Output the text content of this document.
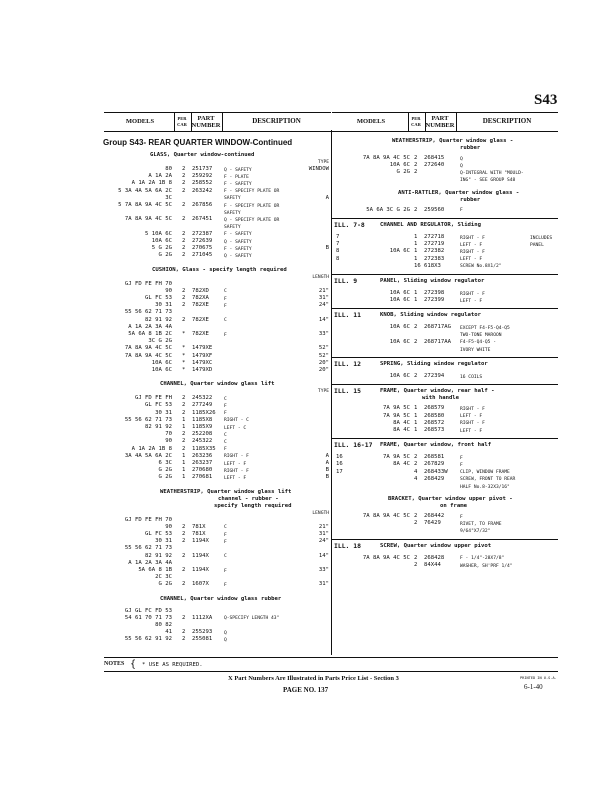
S43
MODELS	PER
CAR
PART
NUMBER
DESCRIPTION	MODELS	PER
CAR
PART
NUMBER
DESCRIPTION
Group S43- REAR QUARTER WINDOW-Continued
GLASS, Quarter window-continued
TYPE
80 2 251737	Q - SAFETY	WINDOW
A 1A 2A 2 259292	F - PLATE
A 1A 2A 1B 8 2 258552	F - SAFETY
5 3A 4A 5A 6A 2C 2 263242	F - SPECIFY PLATE OR
3C	SAFETY	A
5 7A 8A 9A 4C 5C 2 267856	F - SPECIFY PLATE OR
SAFETY
7A 8A 9A 4C 5C 2 267451	Q - SPECIFY PLATE OR
SAFETY
5 10A 6C 2 272387	F - SAFETY
10A 6C 2 272639	Q - SAFETY
5 G 2G 2 270675	F - SAFETY	B
G 2G 2 271045	Q - SAFETY
CUSHION, Glass - specify length required
LENGTH
GJ FD FE FH 70
90 2 782XD	C	21"
GL FC 53 2 782XA	F	31"
30 31 2 782XE	F	24"
55 56 62 71 73
82 91 92 2 782XE	C	14"
A 1A 2A 3A 4A
5A 6A 8 1B 2C * 782XE	F	33"
3C G 2G
7A 8A 9A 4C 5C * 1479XE	52"
7A 8A 9A 4C 5C * 1479XF	52"
10A 6C * 1479XC	20"
10A 6C * 1479XD	20"
CHANNEL, Quarter window glass lift
TYPE
GJ FD FE FH 2 245322	C
GL FC 53 2 277249	F
30 31 2 1185X26 F
55 56 62 71 73 1 1185X8	RIGHT - C
82 91 92 1 1185X9	LEFT - C
70 2 252208	C
90 2 245322	C
A 1A 2A 1B 8 2 1185X35 F
3A 4A 5A 6A 2C 1 263236	RIGHT - F	A
6 3C 1 263237	LEFT - F	A
G 2G 1 270680	RIGHT - F	B
G 2G 1 270681	LEFT - F	B
WEATHERSTRIP, Quarter window glass lift
channel - rubber -
specify length required
LENGTH
GJ FD FE FH 70
90 2 781X	C	21"
GL FC 53 2 781X	F	31"
30 31 2 1194X	F	24"
55 56 62 71 73
82 91 92 2 1194X	C	14"
A 1A 2A 3A 4A
5A 6A 8 1B 2 1194X	F	33"
2C 3C
G 2G 2 1607X	F	31"
CHANNEL, Quarter window glass rubber
GJ GL FC FD 53
54 61 70 71 73 2 1112XA	Q-SPECIFY LENGTH 43"
80 82
41 2 255293	Q
55 56 62 91 92 2 255081	Q
WEATHERSTRIP, Quarter window glass -
rubber
7A 8A 9A 4C 5C 2 268415	Q
10A 6C 2 272640	Q
G 2G 2	Q-INTEGRAL WITH "MOULD-
ING" - SEE GROUP S48
ANTI-RATTLER, Quarter window glass -
rubber
5A 6A 3C G 2G 2 259560	F
ILL. 7-8	CHANNEL AND REGULATOR, Sliding
7	1 272718	RIGHT - F	INCLUDES
7	1 272719	LEFT - F	PANEL
8	10A 6C 1 272382	RIGHT - F
8	1 272383	LEFT - F
16 618X3	SCREW No.8X1/2"
ILL. 9	PANEL, Sliding window regulator
10A 6C 1 272398	RIGHT - F
10A 6C 1 272399	LEFT - F
ILL. 11	KNOB, Sliding window regulator
10A 6C 2 268717AG EXCEPT F4-F5-Q4-Q5
TWO-TONE MAROON
10A 6C 2 268717AA F4-F5-Q4-Q5 -
IVORY WHITE
ILL. 12	SPRING, Sliding window regulator
10A 6C 2 272394	16 COILS
ILL. 15	FRAME, Quarter window, rear half -
with handle
7A 9A 5C 1 268579	RIGHT - F
7A 9A 5C 1 268580	LEFT - F
8A 4C 1 268572	RIGHT - F
8A 4C 1 268573	LEFT - F
ILL. 16-17 FRAME, Quarter window, front half
16	7A 9A 5C 2 268581	F
16	8A 4C 2 267829	F
17	4 268433W	CLIP, WINDOW FRAME
4 268429	SCREW, FRONT TO REAR
HALF No.8-32X3/16"
BRACKET, Quarter window upper pivot -
on frame
7A 8A 9A 4C 5C 2 268442	F
2 76429	RIVET, TO FRAME
9/64"X7/32"
ILL. 18	SCREW, Quarter window upper pivot
7A 8A 9A 4C 5C 2 268428	F - 1/4"-28X7/8"
2 84X44	WASHER, SH'PRF 1/4"
NOTES { * USE AS REQUIRED.
X Part Numbers Are Illustrated in Parts Price List - Section 3
PAGE NO. 137
PRINTED IN U.S.A.
6-1-40
